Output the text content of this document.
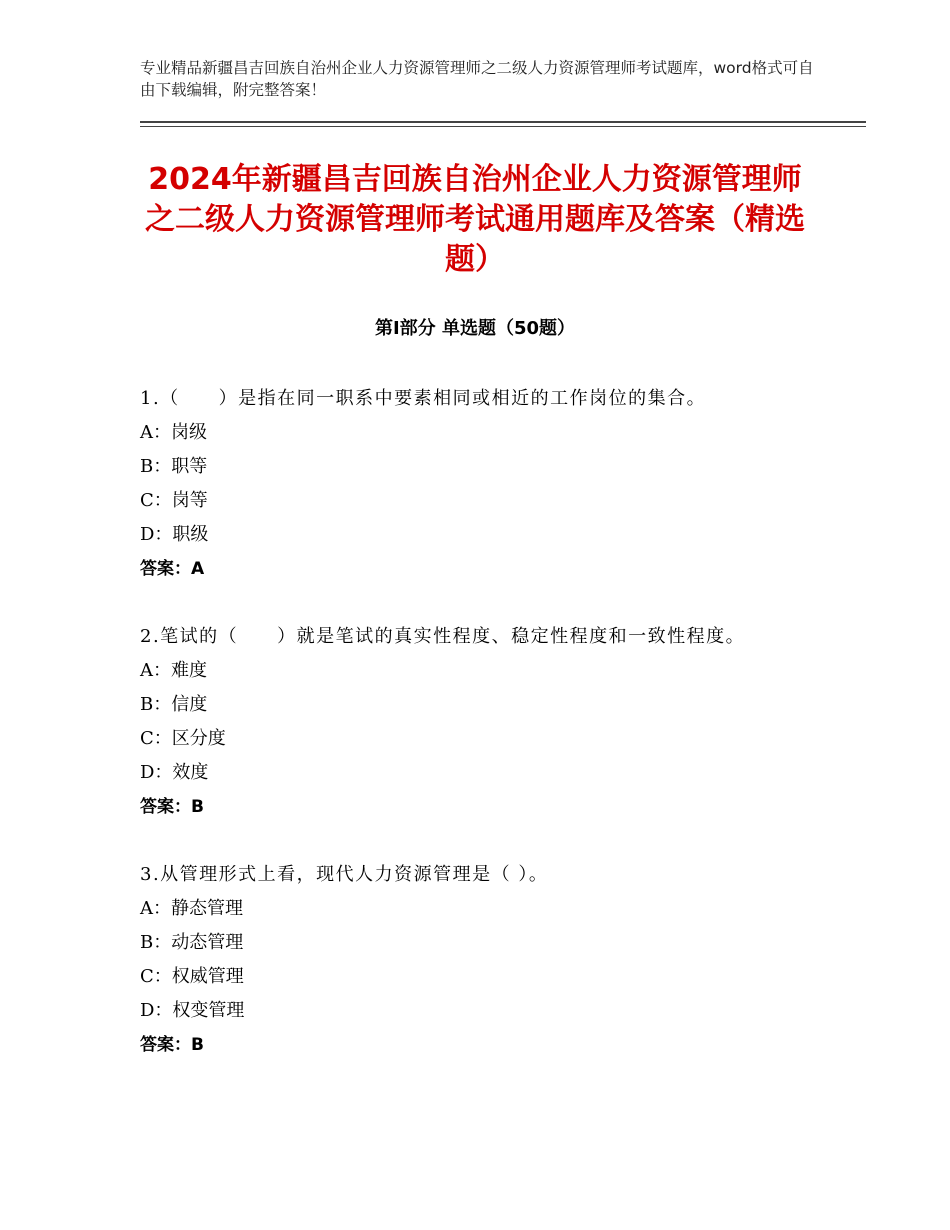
专业精品新疆昌吉回族自治州企业人力资源管理师之二级人力资源管理师考试题库，word格式可自由下载编辑，附完整答案！
2024年新疆昌吉回族自治州企业人力资源管理师之二级人力资源管理师考试通用题库及答案（精选题）
第Ⅰ部分 单选题（50题）
1.（　　）是指在同一职系中要素相同或相近的工作岗位的集合。
A：岗级
B：职等
C：岗等
D：职级
答案：A
2.笔试的（　　）就是笔试的真实性程度、稳定性程度和一致性程度。
A：难度
B：信度
C：区分度
D：效度
答案：B
3.从管理形式上看，现代人力资源管理是（ ）。
A：静态管理
B：动态管理
C：权威管理
D：权变管理
答案：B
